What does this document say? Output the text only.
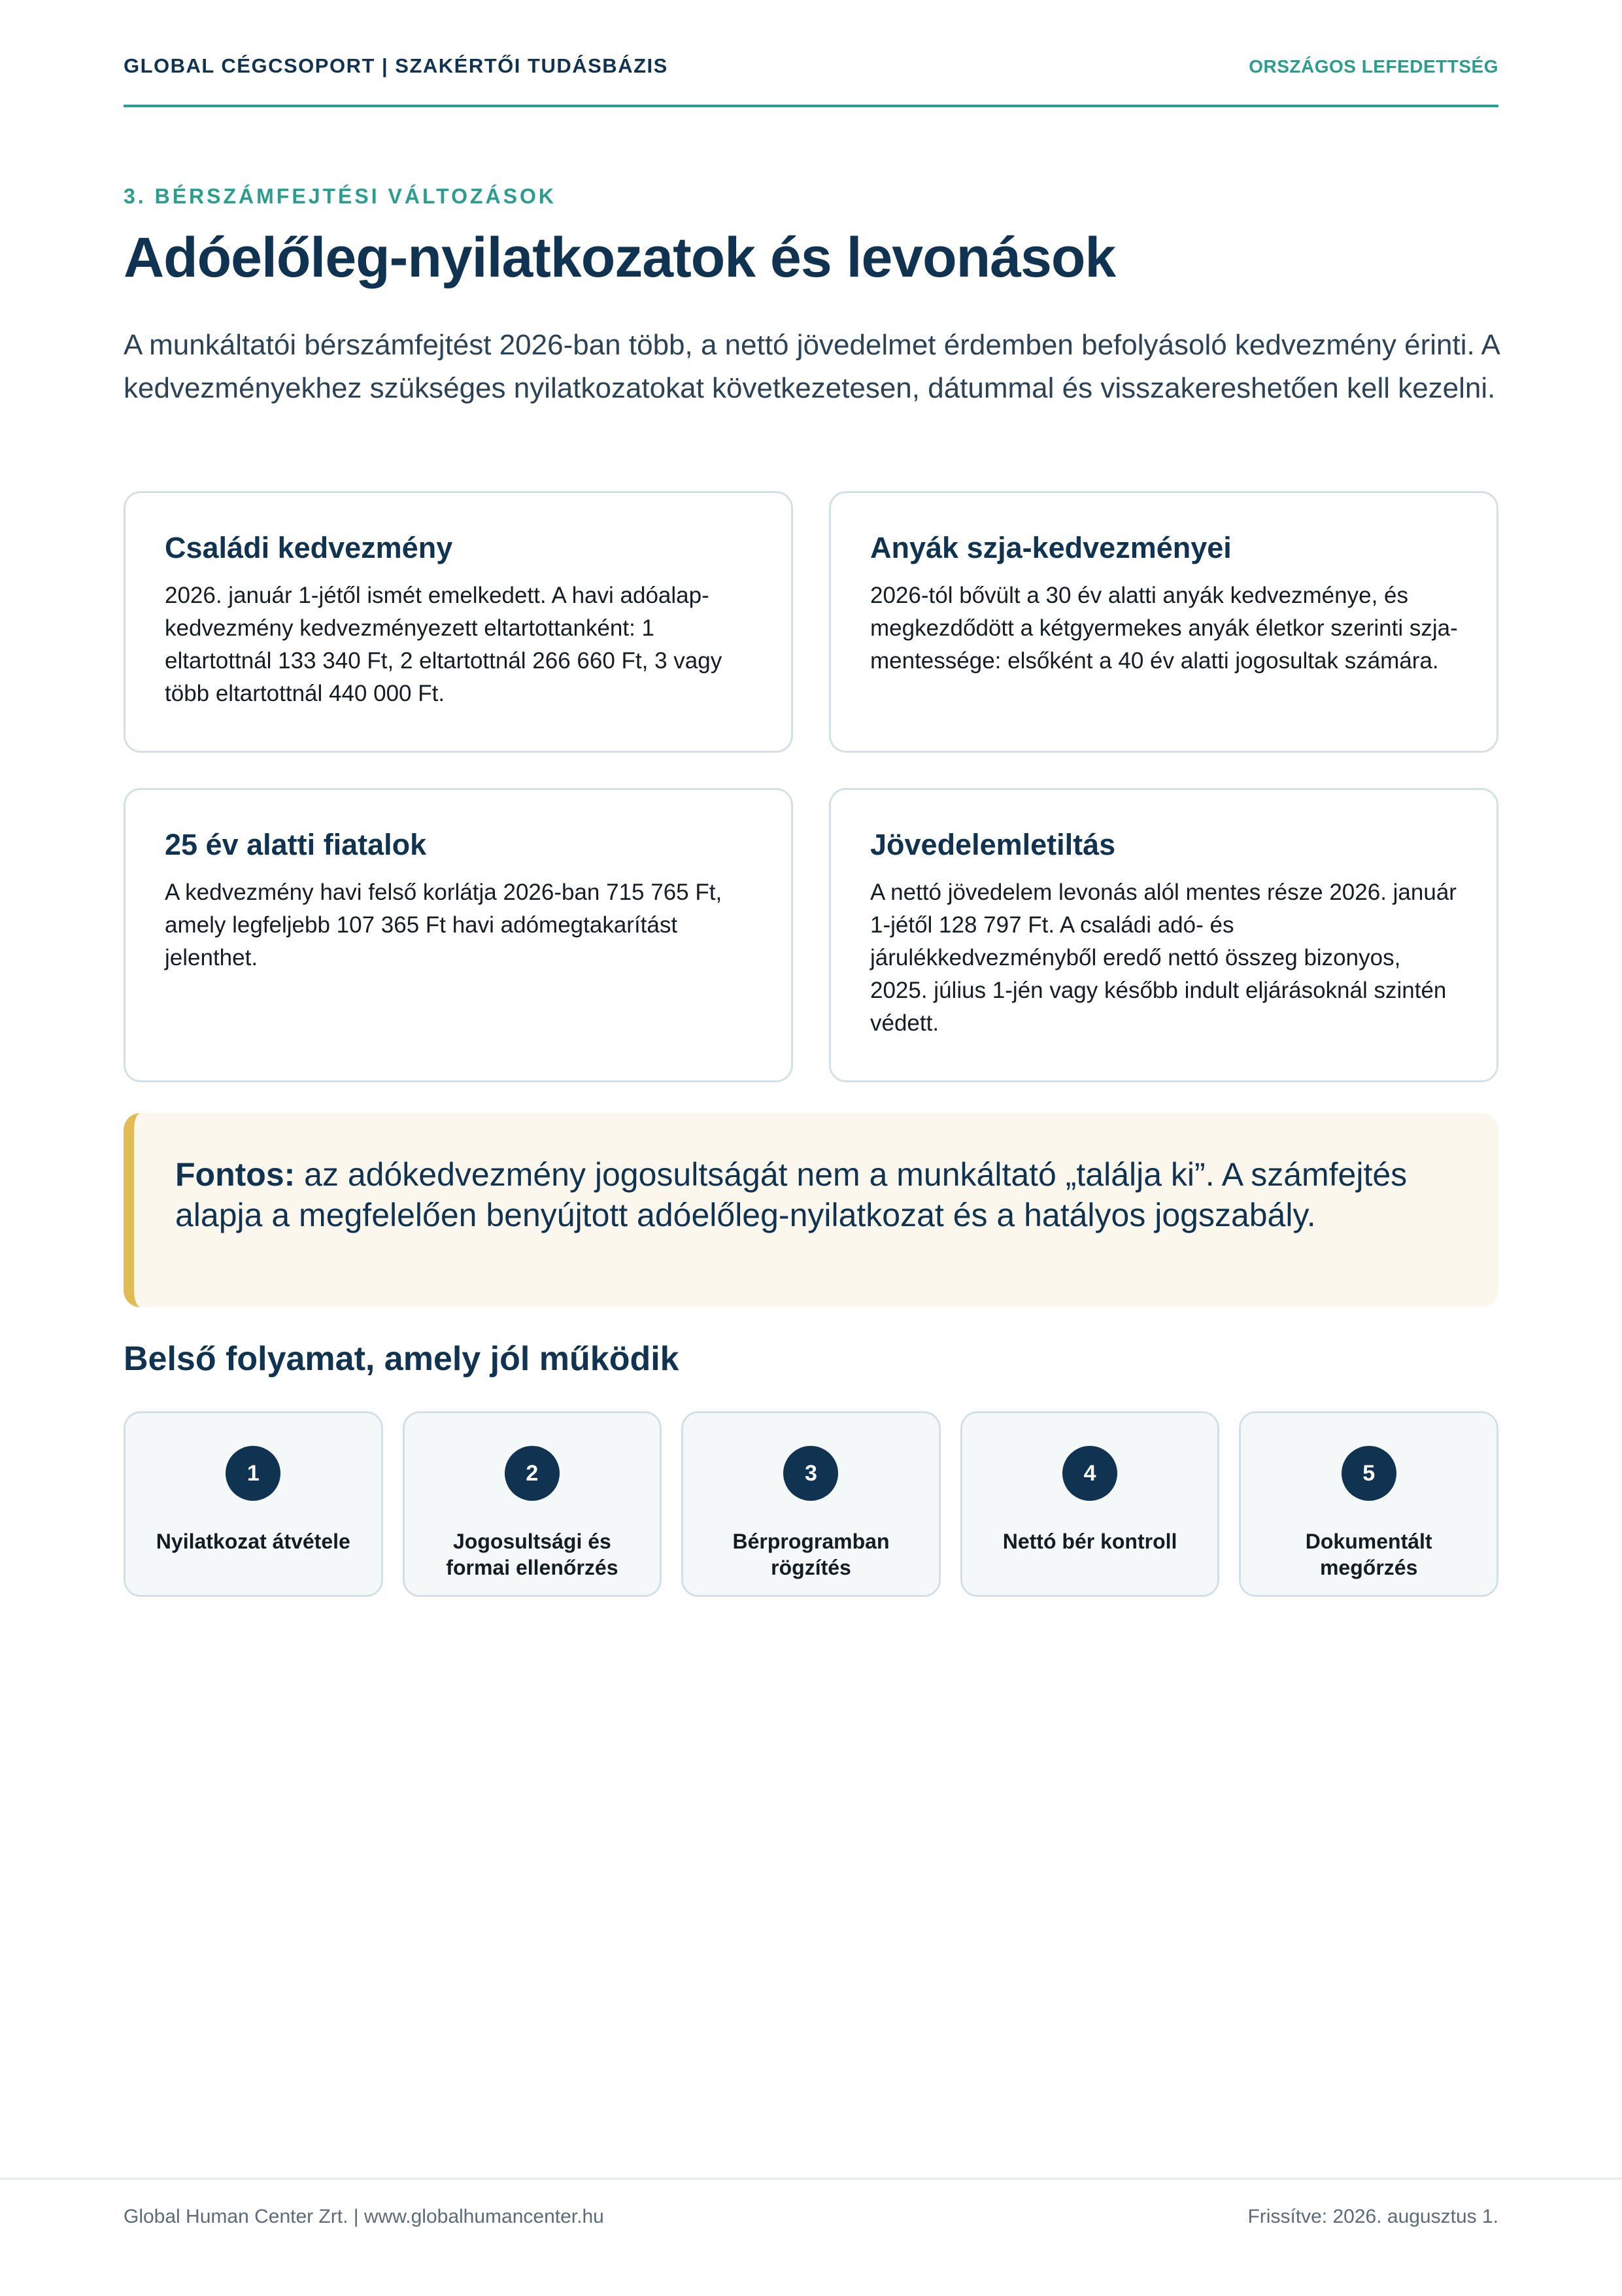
GLOBAL CÉGCSOPORT | SZAKÉRTŐI TUDÁSBÁZIS	ORSZÁGOS LEFEDETTSÉG
3. BÉRSZÁMFEJTÉSI VÁLTOZÁSOK
Adóelőleg-nyilatkozatok és levonások

A munkáltatói bérszámfejtést 2026-ban több, a nettó jövedelmet érdemben befolyásoló kedvezmény érinti. A kedvezményekhez szükséges nyilatkozatokat következetesen, dátummal és visszakereshetően kell kezelni.

Családi kedvezmény

2026. január 1-jétől ismét emelkedett. A havi adóalap-kedvezmény kedvezményezett eltartottanként: 1 eltartottnál 133 340 Ft, 2 eltartottnál 266 660 Ft, 3 vagy több eltartottnál 440 000 Ft.

Anyák szja-kedvezményei

2026-tól bővült a 30 év alatti anyák kedvezménye, és megkezdődött a kétgyermekes anyák életkor szerinti szja-mentessége: elsőként a 40 év alatti jogosultak számára.

25 év alatti fiatalok

A kedvezmény havi felső korlátja 2026-ban 715 765 Ft, amely legfeljebb 107 365 Ft havi adómegtakarítást jelenthet.

Jövedelemletiltás

A nettó jövedelem levonás alól mentes része 2026. január 1-jétől 128 797 Ft. A családi adó- és járulékkedvezményből eredő nettó összeg bizonyos, 2025. július 1-jén vagy később indult eljárásoknál szintén védett.

Fontos: az adókedvezmény jogosultságát nem a munkáltató „találja ki”. A számfejtés alapja a megfelelően benyújtott adóelőleg-nyilatkozat és a hatályos jogszabály.

Belső folyamat, amely jól működik
1
Nyilatkozat átvétele
2
Jogosultsági és formai ellenőrzés
3
Bérprogramban rögzítés
4
Nettó bér kontroll
5
Dokumentált megőrzés
Global Human Center Zrt. | www.globalhumancenter.hu	Frissítve: 2026. augusztus 1.
